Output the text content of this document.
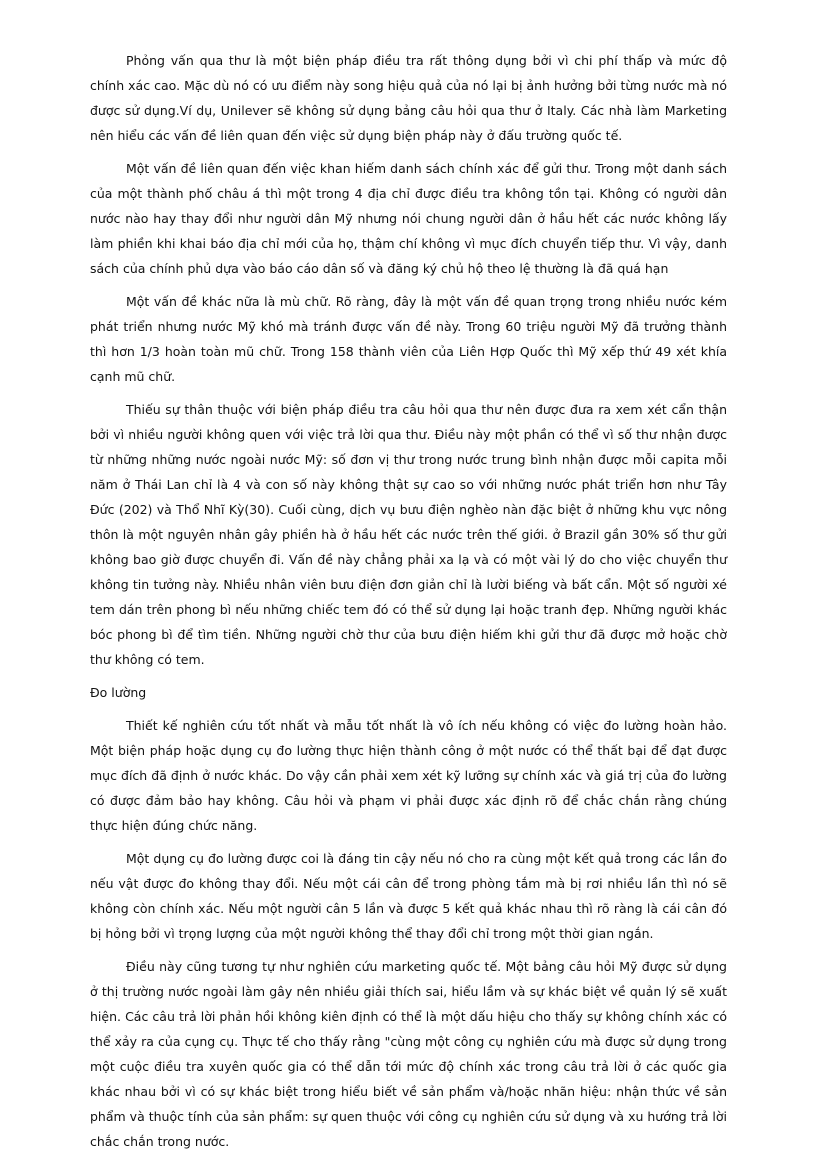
Phỏng vấn qua thư là một biện pháp điều tra rất thông dụng bởi vì chi phí thấp và mức độ chính xác cao. Mặc dù nó có ưu điểm này song hiệu quả của nó lại bị ảnh hưởng bởi từng nước mà nó được sử dụng.Ví dụ, Unilever sẽ không sử dụng bảng câu hỏi qua thư ở Italy. Các nhà làm Marketing nên hiểu các vấn đề liên quan đến việc sử dụng biện pháp này ở đấu trường quốc tế.

Một vấn đề liên quan đến việc khan hiếm danh sách chính xác để gửi thư. Trong một danh sách của một thành phố châu á thì một trong 4 địa chỉ được điều tra không tồn tại. Không có người dân nước nào hay thay đổi như người dân Mỹ nhưng nói chung người dân ở hầu hết các nước không lấy làm phiền khi khai báo địa chỉ mới của họ, thậm chí không vì mục đích chuyển tiếp thư. Vì vậy, danh sách của chính phủ dựa vào báo cáo dân số và đăng ký chủ hộ theo lệ thường là đã quá hạn

Một vấn đề khác nữa là mù chữ. Rõ ràng, đây là một vấn đề quan trọng trong nhiều nước kém phát triển nhưng nước Mỹ khó mà tránh được vấn đề này. Trong 60 triệu người Mỹ đã trưởng thành thì hơn 1/3 hoàn toàn mũ chữ. Trong 158 thành viên của Liên Hợp Quốc thì Mỹ xếp thứ 49 xét khía cạnh mũ chữ.

Thiếu sự thân thuộc với biện pháp điều tra câu hỏi qua thư nên được đưa ra xem xét cẩn thận bởi vì nhiều người không quen với việc trả lời qua thư. Điều này một phần có thể vì số thư nhận được từ những những nước ngoài nước Mỹ: số đơn vị thư trong nước trung bình nhận được mỗi capita mỗi năm ở Thái Lan chỉ là 4 và con số này không thật sự cao so với những nước phát triển hơn như Tây Đức (202) và Thổ Nhĩ Kỳ(30). Cuối cùng, dịch vụ bưu điện nghèo nàn đặc biệt ở những khu vực nông thôn là một nguyên nhân gây phiền hà ở hầu hết các nước trên thế giới. ở Brazil gần 30% số thư gửi không bao giờ được chuyển đi. Vấn đề này chẳng phải xa lạ và có một vài lý do cho việc chuyển thư không tin tưởng này. Nhiều nhân viên bưu điện đơn giản chỉ là lười biếng và bất cẩn. Một số người xé tem dán trên phong bì nếu những chiếc tem đó có thể sử dụng lại hoặc tranh đẹp. Những người khác bóc phong bì để tìm tiền. Những người chờ thư của bưu điện hiếm khi gửi thư đã được mở hoặc chờ thư không có tem.

Đo lường

Thiết kế nghiên cứu tốt nhất và mẫu tốt nhất là vô ích nếu không có việc đo lường hoàn hảo. Một biện pháp hoặc dụng cụ đo lường thực hiện thành công ở một nước có thể thất bại để đạt được mục đích đã định ở nước khác. Do vậy cần phải xem xét kỹ lưỡng sự chính xác và giá trị của đo lường có được đảm bảo hay không. Câu hỏi và phạm vi phải được xác định rõ để chắc chắn rằng chúng thực hiện đúng chức năng.

Một dụng cụ đo lường được coi là đáng tin cậy nếu nó cho ra cùng một kết quả trong các lần đo nếu vật được đo không thay đổi. Nếu một cái cân để trong phòng tắm mà bị rơi nhiều lần thì nó sẽ không còn chính xác. Nếu một người cân 5 lần và được 5 kết quả khác nhau thì rõ ràng là cái cân đó bị hỏng bởi vì trọng lượng của một người không thể thay đổi chỉ trong một thời gian ngắn.

Điều này cũng tương tự như nghiên cứu marketing quốc tế. Một bảng câu hỏi Mỹ được sử dụng ở thị trường nước ngoài làm gây nên nhiều giải thích sai, hiểu lầm và sự khác biệt về quản lý sẽ xuất hiện. Các câu trả lời phản hồi không kiên định có thể là một dấu hiệu cho thấy sự không chính xác có thể xảy ra của cụng cụ. Thực tế cho thấy rằng "cùng một công cụ nghiên cứu mà được sử dụng trong một cuộc điều tra xuyên quốc gia có thể dẫn tới mức độ chính xác trong câu trả lời ở các quốc gia khác nhau bởi vì có sự khác biệt trong hiểu biết về sản phẩm và/hoặc nhãn hiệu: nhận thức về sản phẩm và thuộc tính của sản phẩm: sự quen thuộc với công cụ nghiên cứu sử dụng và xu hướng trả lời chắc chắn trong nước.
